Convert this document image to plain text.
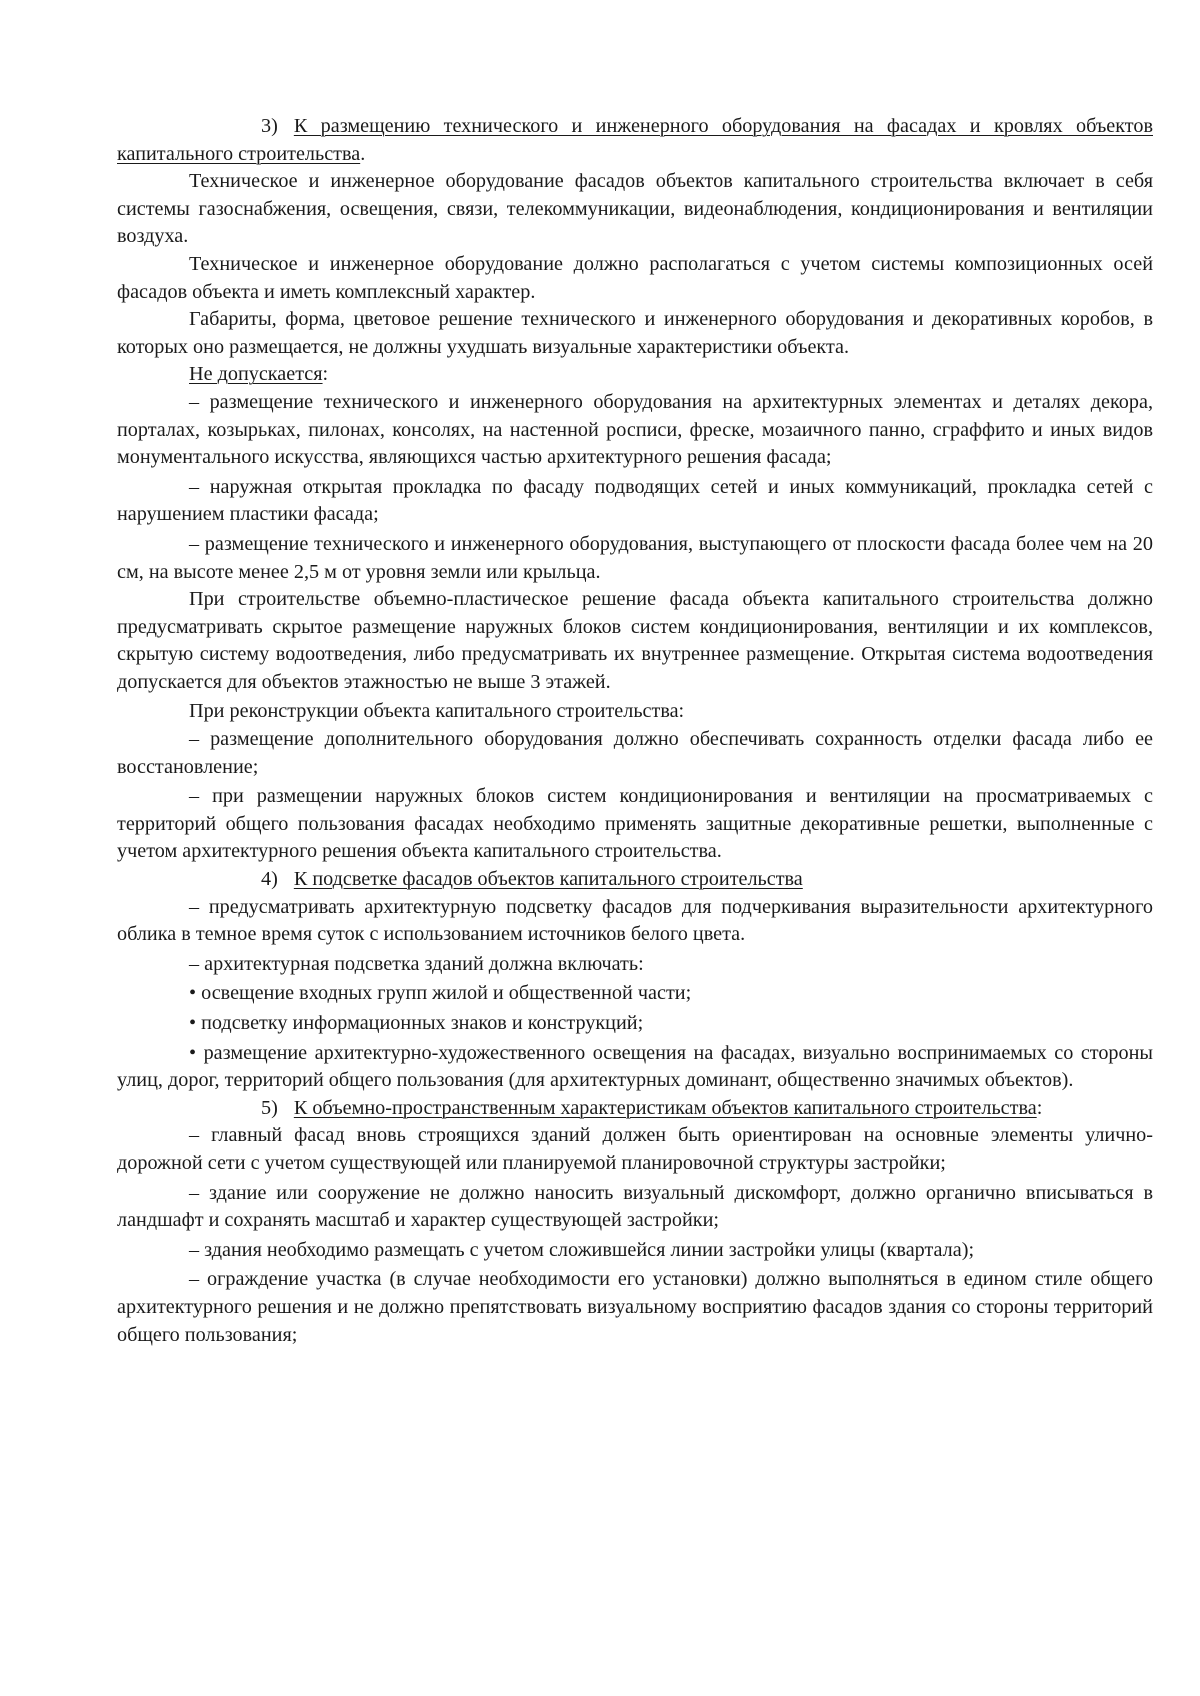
3) К размещению технического и инженерного оборудования на фасадах и кровлях объектов капитального строительства.

Техническое и инженерное оборудование фасадов объектов капитального строительства включает в себя системы газоснабжения, освещения, связи, телекоммуникации, видеонаблюдения, кондиционирования и вентиляции воздуха.

Техническое и инженерное оборудование должно располагаться с учетом системы композиционных осей фасадов объекта и иметь комплексный характер.

Габариты, форма, цветовое решение технического и инженерного оборудования и декоративных коробов, в которых оно размещается, не должны ухудшать визуальные характеристики объекта.

Не допускается:

– размещение технического и инженерного оборудования на архитектурных элементах и деталях декора, порталах, козырьках, пилонах, консолях, на настенной росписи, фреске, мозаичного панно, сграффито и иных видов монументального искусства, являющихся частью архитектурного решения фасада;

– наружная открытая прокладка по фасаду подводящих сетей и иных коммуникаций, прокладка сетей с нарушением пластики фасада;

– размещение технического и инженерного оборудования, выступающего от плоскости фасада более чем на 20 см, на высоте менее 2,5 м от уровня земли или крыльца.

При строительстве объемно-пластическое решение фасада объекта капитального строительства должно предусматривать скрытое размещение наружных блоков систем кондиционирования, вентиляции и их комплексов, скрытую систему водоотведения, либо предусматривать их внутреннее размещение. Открытая система водоотведения допускается для объектов этажностью не выше 3 этажей.

При реконструкции объекта капитального строительства:

– размещение дополнительного оборудования должно обеспечивать сохранность отделки фасада либо ее восстановление;

– при размещении наружных блоков систем кондиционирования и вентиляции на просматриваемых с территорий общего пользования фасадах необходимо применять защитные декоративные решетки, выполненные с учетом архитектурного решения объекта капитального строительства.

4) К подсветке фасадов объектов капитального строительства

– предусматривать архитектурную подсветку фасадов для подчеркивания выразительности архитектурного облика в темное время суток с использованием источников белого цвета.

– архитектурная подсветка зданий должна включать:

• освещение входных групп жилой и общественной части;

• подсветку информационных знаков и конструкций;

• размещение архитектурно-художественного освещения на фасадах, визуально воспринимаемых со стороны улиц, дорог, территорий общего пользования (для архитектурных доминант, общественно значимых объектов).

5) К объемно-пространственным характеристикам объектов капитального строительства:

– главный фасад вновь строящихся зданий должен быть ориентирован на основные элементы улично-дорожной сети с учетом существующей или планируемой планировочной структуры застройки;

– здание или сооружение не должно наносить визуальный дискомфорт, должно органично вписываться в ландшафт и сохранять масштаб и характер существующей застройки;

– здания необходимо размещать с учетом сложившейся линии застройки улицы (квартала);

– ограждение участка (в случае необходимости его установки) должно выполняться в едином стиле общего архитектурного решения и не должно препятствовать визуальному восприятию фасадов здания со стороны территорий общего пользования;
